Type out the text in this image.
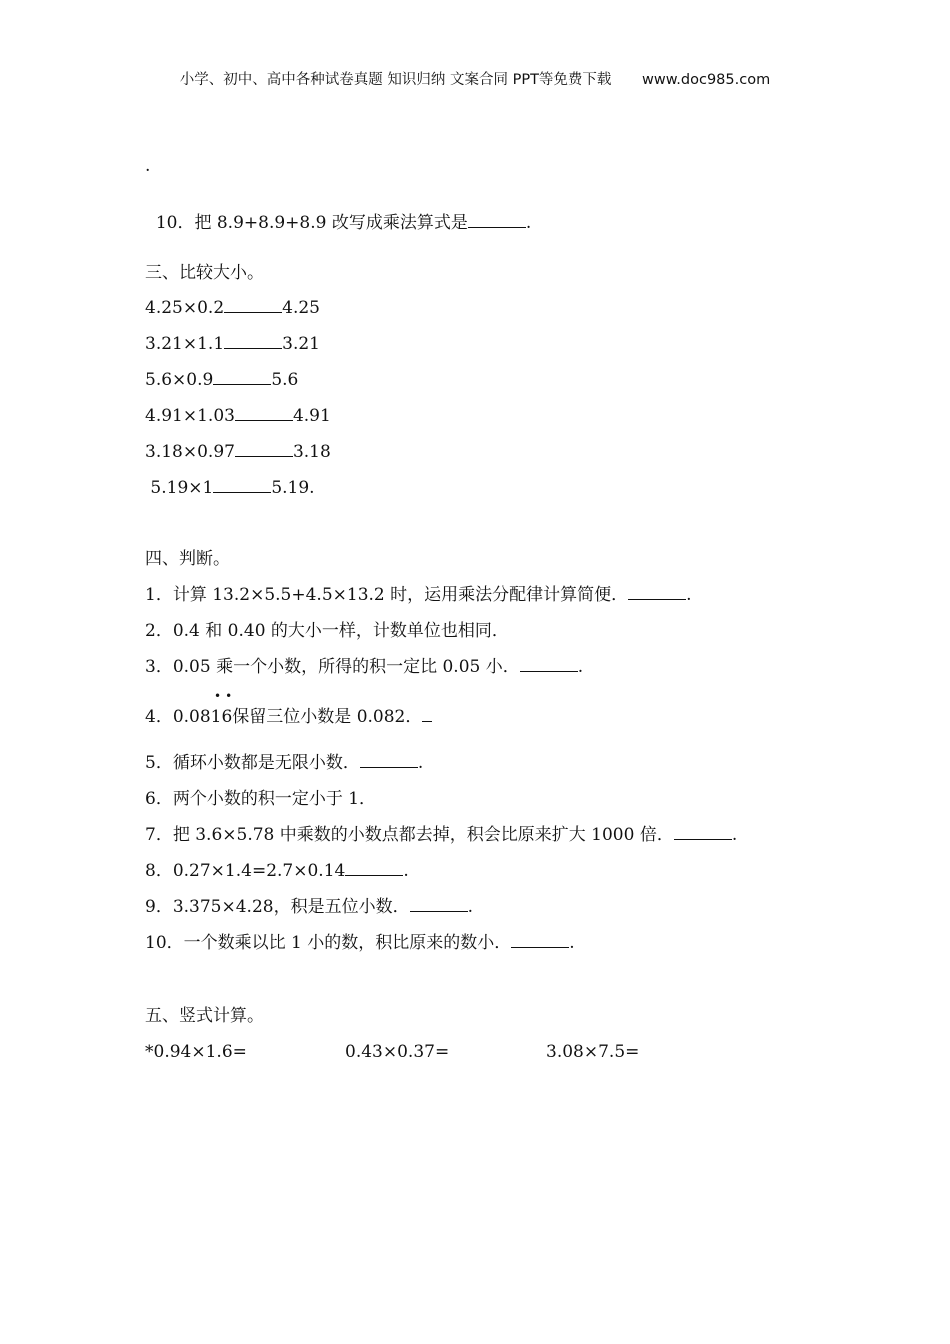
小学、初中、高中各种试卷真题 知识归纳 文案合同 PPT等免费下载 www.doc985.com
.

10．把 8.9+8.9+8.9 改写成乘法算式是	.

三、比较大小。
4.25×0.2	4.25
3.21×1.1	3.21
5.6×0.9	5.6
4.91×1.03	4.91
3.18×0.97	3.18
5.19×1	5.19.
四、判断。
1．计算 13.2×5.5+4.5×13.2 时，运用乘法分配律计算简便．	.
2．0.4 和 0.40 的大小一样，计数单位也相同．
3．0.05 乘一个小数，所得的积一定比 0.05 小．	.
••
4．0.0816保留三位小数是 0.082．
5．循环小数都是无限小数．	.
6．两个小数的积一定小于 1．
7．把 3.6×5.78 中乘数的小数点都去掉，积会比原来扩大 1000 倍．	.
8．0.27×1.4=2.7×0.14	.
9．3.375×4.28，积是五位小数．	.
10．一个数乘以比 1 小的数，积比原来的数小．	.
五、竖式计算。
*0.94×1.6=	0.43×0.37=	3.08×7.5=
